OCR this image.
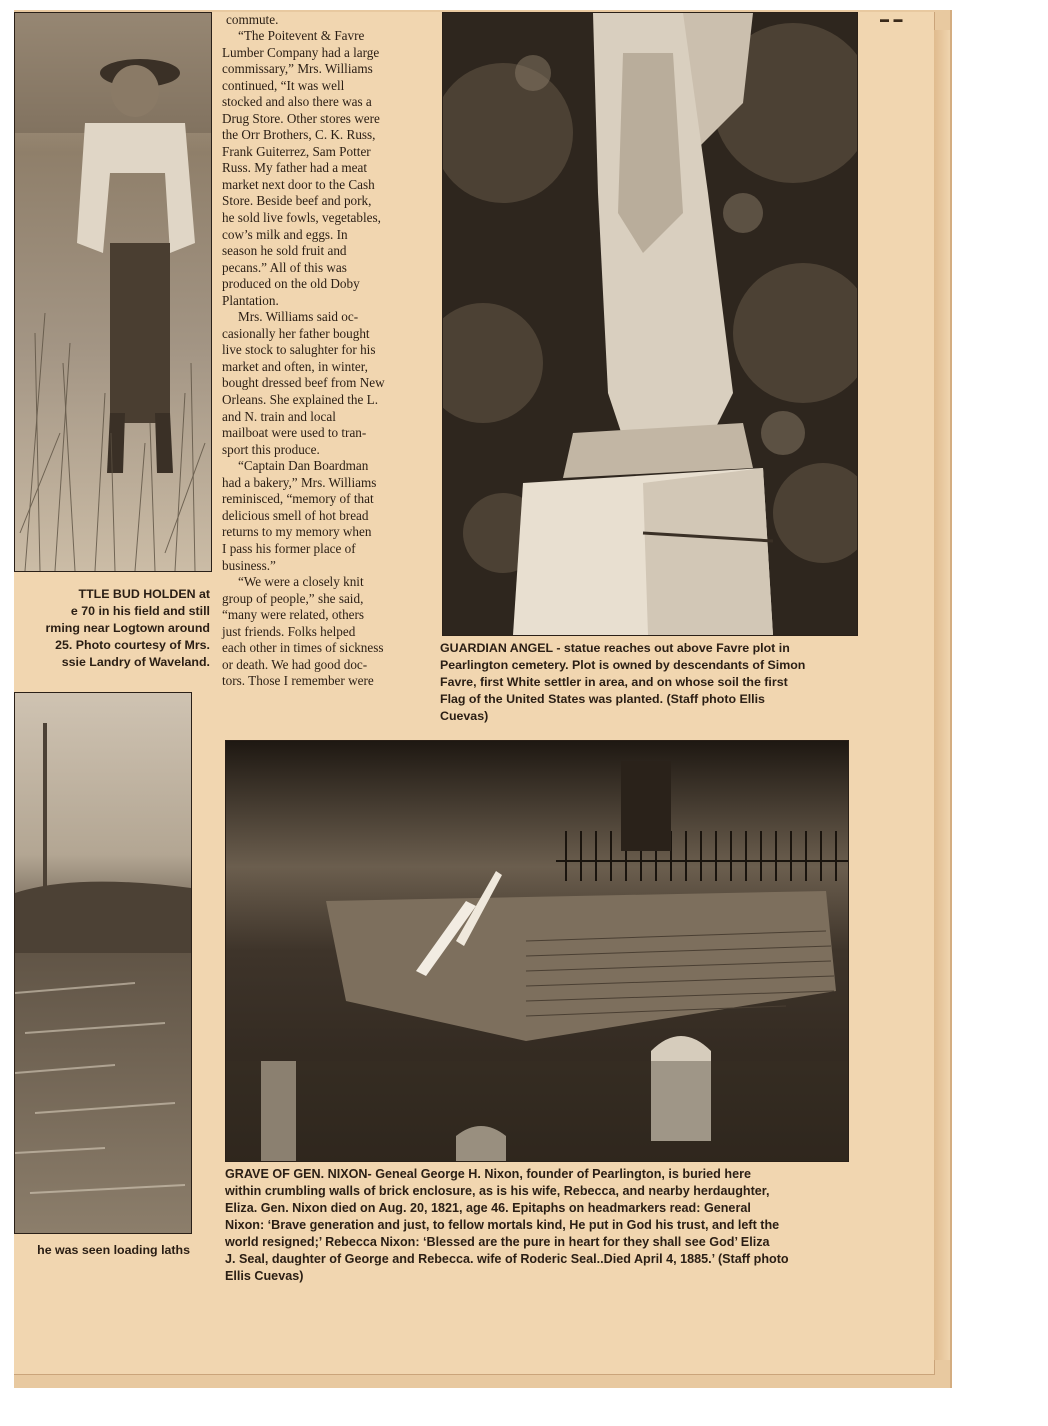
▬ ▬

TTLE BUD HOLDEN at

e 70 in his field and still

rming near Logtown around

25. Photo courtesy of Mrs.

ssie Landry of Waveland.

he was seen loading laths

commute.

“The Poitevent & Favre

Lumber Company had a large

commissary,” Mrs. Williams

continued, “It was well

stocked and also there was a

Drug Store. Other stores were

the Orr Brothers, C. K. Russ,

Frank Guiterrez, Sam Potter

Russ. My father had a meat

market next door to the Cash

Store. Beside beef and pork,

he sold live fowls, vegetables,

cow’s milk and eggs. In

season he sold fruit and

pecans.” All of this was

produced on the old Doby

Plantation.

Mrs. Williams said oc-

casionally her father bought

live stock to salughter for his

market and often, in winter,

bought dressed beef from New

Orleans. She explained the L.

and N. train and local

mailboat were used to tran-

sport this produce.

“Captain Dan Boardman

had a bakery,” Mrs. Williams

reminisced, “memory of that

delicious smell of hot bread

returns to my memory when

I pass his former place of

business.”

“We were a closely knit

group of people,” she said,

“many were related, others

just friends. Folks helped

each other in times of sickness

or death. We had good doc-

tors. Those I remember were

GUARDIAN ANGEL - statue reaches out above Favre plot in

Pearlington cemetery. Plot is owned by descendants of Simon

Favre, first White settler in area, and on whose soil the first

Flag of the United States was planted. (Staff photo Ellis

Cuevas)

GRAVE OF GEN. NIXON- Geneal George H. Nixon, founder of Pearlington, is buried here

within crumbling walls of brick enclosure, as is his wife, Rebecca, and nearby herdaughter,

Eliza. Gen. Nixon died on Aug. 20, 1821, age 46. Epitaphs on headmarkers read: General

Nixon: ‘Brave generation and just, to fellow mortals kind, He put in God his trust, and left the

world resigned;’ Rebecca Nixon: ‘Blessed are the pure in heart for they shall see God’ Eliza

J. Seal, daughter of George and Rebecca. wife of Roderic Seal..Died April 4, 1885.’ (Staff photo

Ellis Cuevas)
